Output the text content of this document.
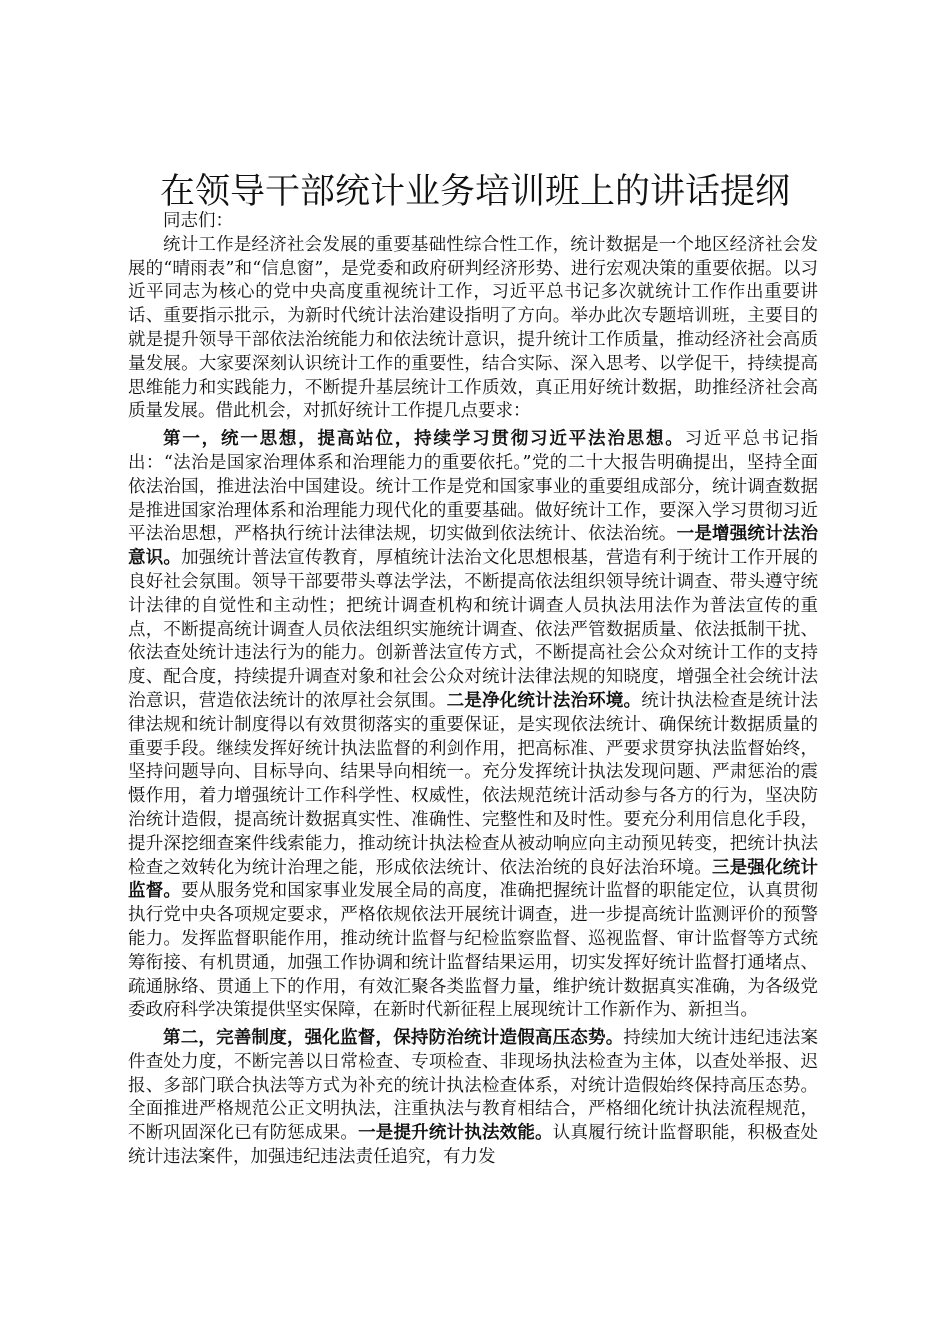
在领导干部统计业务培训班上的讲话提纲

同志们：

统计工作是经济社会发展的重要基础性综合性工作，统计数据是一个地区经济社会发展的“晴雨表”和“信息窗”，是党委和政府研判经济形势、进行宏观决策的重要依据。以习近平同志为核心的党中央高度重视统计工作，习近平总书记多次就统计工作作出重要讲话、重要指示批示，为新时代统计法治建设指明了方向。举办此次专题培训班，主要目的就是提升领导干部依法治统能力和依法统计意识，提升统计工作质量，推动经济社会高质量发展。大家要深刻认识统计工作的重要性，结合实际、深入思考、以学促干，持续提高思维能力和实践能力，不断提升基层统计工作质效，真正用好统计数据，助推经济社会高质量发展。借此机会，对抓好统计工作提几点要求：

第一，统一思想，提高站位，持续学习贯彻习近平法治思想。习近平总书记指出：“法治是国家治理体系和治理能力的重要依托。”党的二十大报告明确提出，坚持全面依法治国，推进法治中国建设。统计工作是党和国家事业的重要组成部分，统计调查数据是推进国家治理体系和治理能力现代化的重要基础。做好统计工作，要深入学习贯彻习近平法治思想，严格执行统计法律法规，切实做到依法统计、依法治统。一是增强统计法治意识。加强统计普法宣传教育，厚植统计法治文化思想根基，营造有利于统计工作开展的良好社会氛围。领导干部要带头尊法学法，不断提高依法组织领导统计调查、带头遵守统计法律的自觉性和主动性；把统计调查机构和统计调查人员执法用法作为普法宣传的重点，不断提高统计调查人员依法组织实施统计调查、依法严管数据质量、依法抵制干扰、依法查处统计违法行为的能力。创新普法宣传方式，不断提高社会公众对统计工作的支持度、配合度，持续提升调查对象和社会公众对统计法律法规的知晓度，增强全社会统计法治意识，营造依法统计的浓厚社会氛围。二是净化统计法治环境。统计执法检查是统计法律法规和统计制度得以有效贯彻落实的重要保证，是实现依法统计、确保统计数据质量的重要手段。继续发挥好统计执法监督的利剑作用，把高标准、严要求贯穿执法监督始终，坚持问题导向、目标导向、结果导向相统一。充分发挥统计执法发现问题、严肃惩治的震慑作用，着力增强统计工作科学性、权威性，依法规范统计活动参与各方的行为，坚决防治统计造假，提高统计数据真实性、准确性、完整性和及时性。要充分利用信息化手段，提升深挖细查案件线索能力，推动统计执法检查从被动响应向主动预见转变，把统计执法检查之效转化为统计治理之能，形成依法统计、依法治统的良好法治环境。三是强化统计监督。要从服务党和国家事业发展全局的高度，准确把握统计监督的职能定位，认真贯彻执行党中央各项规定要求，严格依规依法开展统计调查，进一步提高统计监测评价的预警能力。发挥监督职能作用，推动统计监督与纪检监察监督、巡视监督、审计监督等方式统筹衔接、有机贯通，加强工作协调和统计监督结果运用，切实发挥好统计监督打通堵点、疏通脉络、贯通上下的作用，有效汇聚各类监督力量，维护统计数据真实准确，为各级党委政府科学决策提供坚实保障，在新时代新征程上展现统计工作新作为、新担当。

第二，完善制度，强化监督，保持防治统计造假高压态势。持续加大统计违纪违法案件查处力度，不断完善以日常检查、专项检查、非现场执法检查为主体，以查处举报、迟报、多部门联合执法等方式为补充的统计执法检查体系，对统计造假始终保持高压态势。全面推进严格规范公正文明执法，注重执法与教育相结合，严格细化统计执法流程规范，不断巩固深化已有防惩成果。一是提升统计执法效能。认真履行统计监督职能，积极查处统计违法案件，加强违纪违法责任追究，有力发
